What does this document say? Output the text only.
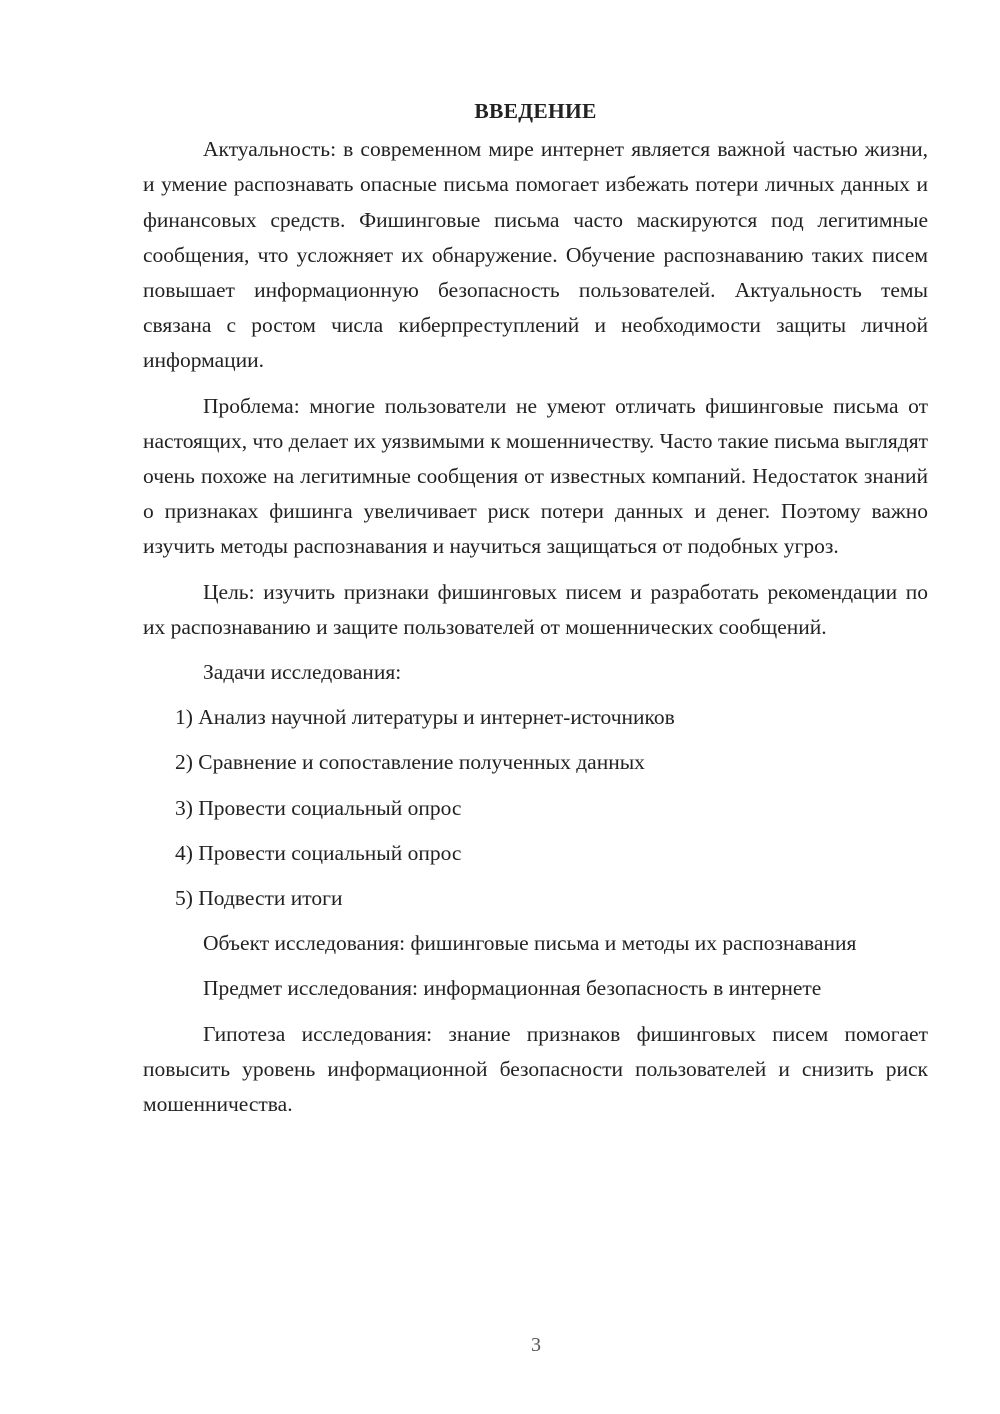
ВВЕДЕНИЕ

Актуальность: в современном мире интернет является важной частью жизни, и умение распознавать опасные письма помогает избежать потери личных данных и финансовых средств. Фишинговые письма часто маскируются под легитимные сообщения, что усложняет их обнаружение. Обучение распознаванию таких писем повышает информационную безопасность пользователей. Актуальность темы связана с ростом числа киберпреступлений и необходимости защиты личной информации.

Проблема: многие пользователи не умеют отличать фишинговые письма от настоящих, что делает их уязвимыми к мошенничеству. Часто такие письма выглядят очень похоже на легитимные сообщения от известных компаний. Недостаток знаний о признаках фишинга увеличивает риск потери данных и денег. Поэтому важно изучить методы распознавания и научиться защищаться от подобных угроз.

Цель: изучить признаки фишинговых писем и разработать рекомендации по их распознаванию и защите пользователей от мошеннических сообщений.

Задачи исследования:

1) Анализ научной литературы и интернет-источников
2) Сравнение и сопоставление полученных данных
3) Провести социальный опрос
4) Провести социальный опрос
5) Подвести итоги

Объект исследования: фишинговые письма и методы их распознавания

Предмет исследования: информационная безопасность в интернете

Гипотеза исследования: знание признаков фишинговых писем помогает повысить уровень информационной безопасности пользователей и снизить риск мошенничества.

3
